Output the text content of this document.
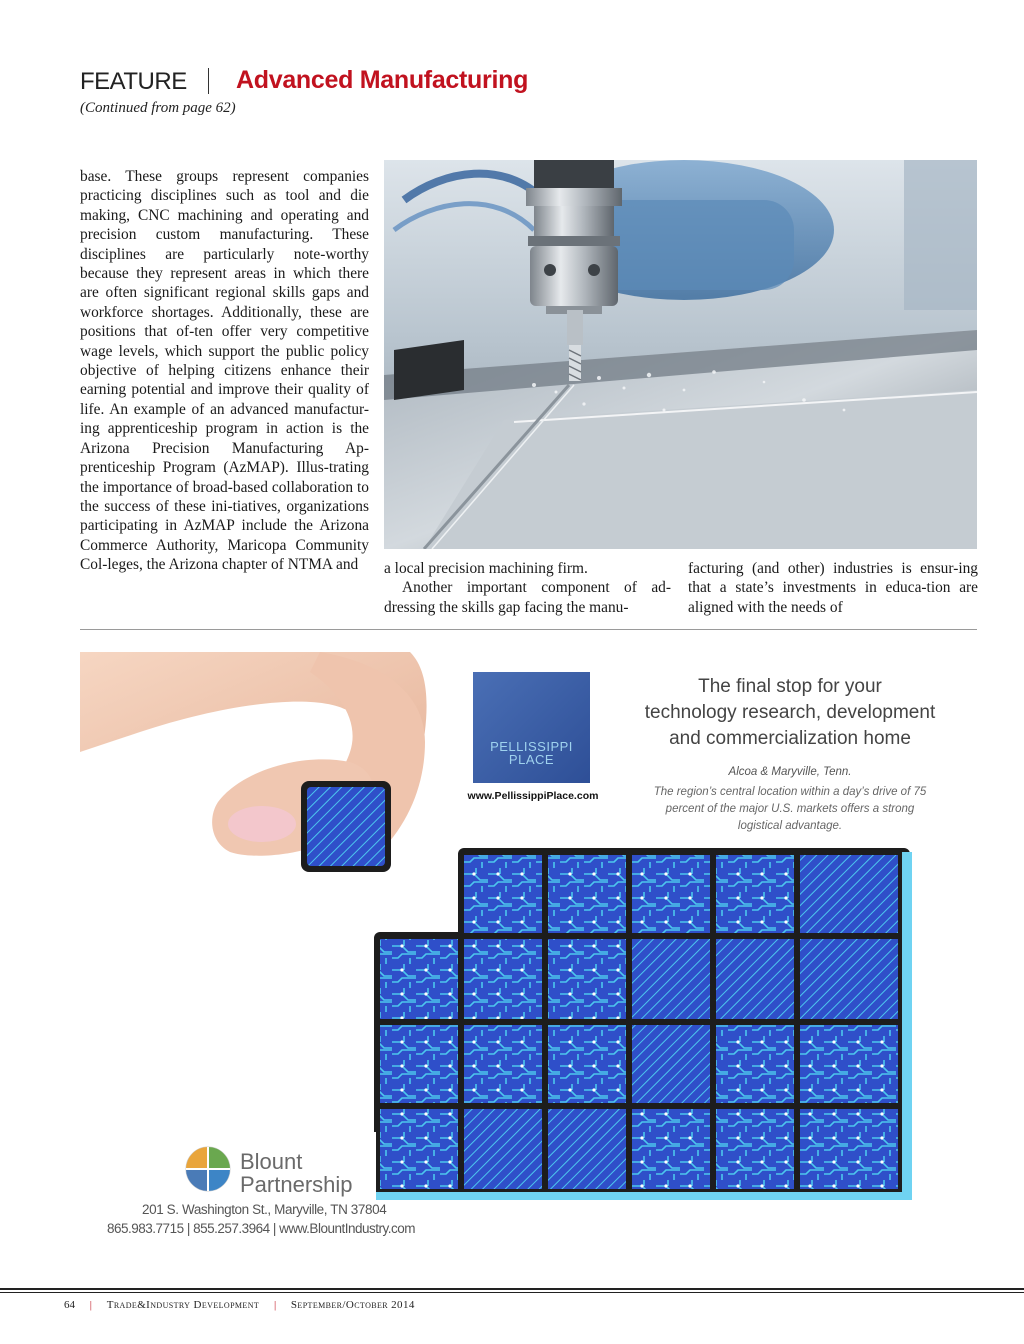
FEATURE Advanced Manufacturing
(Continued from page 62)

base. These groups represent companies practicing disciplines such as tool and die making, CNC machining and operating and precision custom manufacturing. These disciplines are particularly note-worthy because they represent areas in which there are often significant regional skills gaps and workforce shortages. Additionally, these are positions that of-ten offer very competitive wage levels, which support the public policy objective of helping citizens enhance their earning potential and improve their quality of life. An example of an advanced manufactur-ing apprenticeship program in action is the Arizona Precision Manufacturing Ap-prenticeship Program (AzMAP). Illus-trating the importance of broad-based collaboration to the success of these ini-tiatives, organizations participating in AzMAP include the Arizona Commerce Authority, Maricopa Community Col-leges, the Arizona chapter of NTMA and	a local precision machining firm.

Another important component of ad-dressing the skills gap facing the manu-

facturing (and other) industries is ensur-ing that a state’s investments in educa-tion are aligned with the needs of

PELLISSIPPI
PLACE
www.PellissippiPlace.com
The final stop for your
technology research, development
and commercialization home
Alcoa & Maryville, Tenn.
The region’s central location within a day’s drive of 75
percent of the major U.S. markets offers a strong
logistical advantage.
Blount
Partnership
201 S. Washington St., Maryville, TN 37804
865.983.7715 | 855.257.3964 | www.BlountIndustry.com
64 | Trade&Industry Development | September/October 2014
